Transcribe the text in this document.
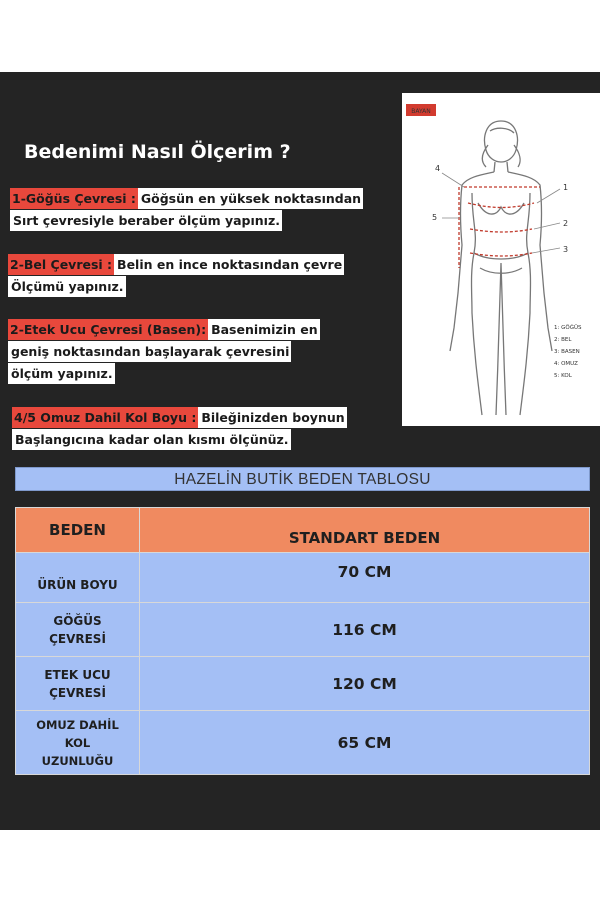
Bedenimi Nasıl Ölçerim ?
1-Göğüs Çevresi : Göğsün en yüksek noktasından
Sırt çevresiyle beraber ölçüm yapınız.
2-Bel Çevresi : Belin en ince noktasından çevre
Ölçümü yapınız.
2-Etek Ucu Çevresi (Basen): Basenimizin en
geniş noktasından başlayarak çevresini
ölçüm yapınız.
4/5 Omuz Dahil Kol Boyu : Bileğinizden boynun
Başlangıcına kadar olan kısmı ölçünüz.
BAYAN
4
5
1
2
3
1: GÖĞÜS
2: BEL
3: BASEN
4: OMUZ
5: KOL
HAZELİN BUTİK BEDEN TABLOSU
BEDEN	STANDART BEDEN

ÜRÜN BOYU	70 CM

GÖĞÜS
ÇEVRESİ	116 CM

ETEK UCU
ÇEVRESİ	120 CM

OMUZ DAHİL
KOL
UZUNLUĞU	65 CM
